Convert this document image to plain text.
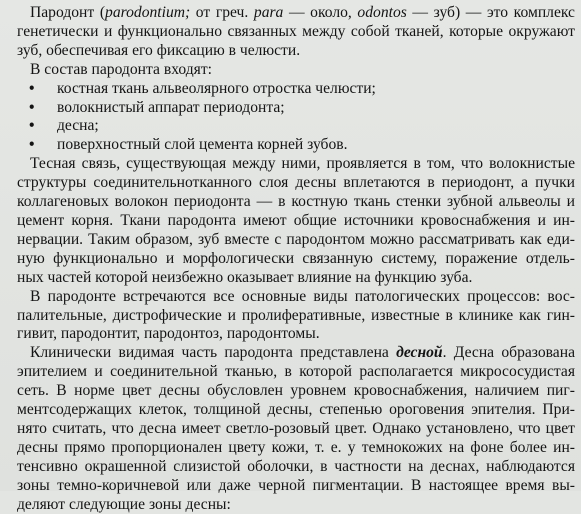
Пародонт (parodontium; от греч. para — около, odontos — зуб) — это комплекс
генетически и функционально связанных между собой тканей, которые окружают
зуб, обеспечивая его фиксацию в челюсти.
В состав пародонта входят:
• костная ткань альвеолярного отростка челюсти;
• волокнистый аппарат периодонта;
• десна;
• поверхностный слой цемента корней зубов.
Тесная связь, существующая между ними, проявляется в том, что волокнистые
структуры соединительнотканного слоя десны вплетаются в периодонт, а пучки
коллагеновых волокон периодонта — в костную ткань стенки зубной альвеолы и
цемент корня. Ткани пародонта имеют общие источники кровоснабжения и ин-
нервации. Таким образом, зуб вместе с пародонтом можно рассматривать как еди-
ную функционально и морфологически связанную систему, поражение отдель-
ных частей которой неизбежно оказывает влияние на функцию зуба.
В пародонте встречаются все основные виды патологических процессов: вос-
палительные, дистрофические и пролиферативные, известные в клинике как гин-
гивит, пародонтит, пародонтоз, пародонтомы.
Клинически видимая часть пародонта представлена десной. Десна образована
эпителием и соединительной тканью, в которой располагается микрососудистая
сеть. В норме цвет десны обусловлен уровнем кровоснабжения, наличием пиг-
ментсодержащих клеток, толщиной десны, степенью ороговения эпителия. При-
нято считать, что десна имеет светло-розовый цвет. Однако установлено, что цвет
десны прямо пропорционален цвету кожи, т. е. у темнокожих на фоне более ин-
тенсивно окрашенной слизистой оболочки, в частности на деснах, наблюдаются
зоны темно-коричневой или даже черной пигментации. В настоящее время вы-
деляют следующие зоны десны:
